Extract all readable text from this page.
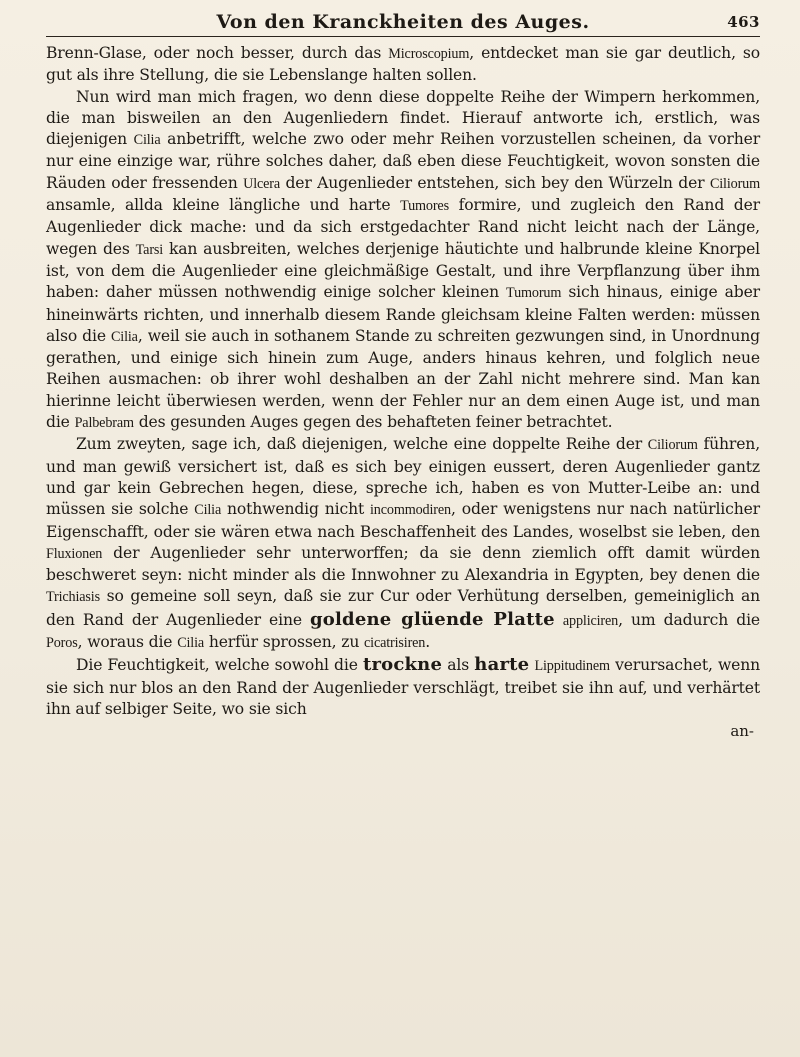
Von den Kranckheiten des Auges.	463

Brenn-Glase, oder noch besser, durch das Microscopium, entdecket man sie gar deutlich, so gut als ihre Stellung, die sie Lebenslange halten sollen.

Nun wird man mich fragen, wo denn diese doppelte Reihe der Wimpern herkommen, die man bisweilen an den Augenliedern findet. Hierauf antworte ich, erstlich, was diejenigen Cilia anbetrifft, welche zwo oder mehr Reihen vorzustellen scheinen, da vorher nur eine einzige war, rühre solches daher, daß eben diese Feuchtigkeit, wovon sonsten die Räuden oder fressenden Ulcera der Augenlieder entstehen, sich bey den Würzeln der Ciliorum ansamle, allda kleine längliche und harte Tumores formire, und zugleich den Rand der Augenlieder dick mache: und da sich erstgedachter Rand nicht leicht nach der Länge, wegen des Tarsi kan ausbreiten, welches derjenige häutichte und halbrunde kleine Knorpel ist, von dem die Augenlieder eine gleichmäßige Gestalt, und ihre Verpflanzung über ihm haben: daher müssen nothwendig einige solcher kleinen Tumorum sich hinaus, einige aber hineinwärts richten, und innerhalb diesem Rande gleichsam kleine Falten werden: müssen also die Cilia, weil sie auch in sothanem Stande zu schreiten gezwungen sind, in Unordnung gerathen, und einige sich hinein zum Auge, anders hinaus kehren, und folglich neue Reihen ausmachen: ob ihrer wohl deshalben an der Zahl nicht mehrere sind. Man kan hierinne leicht überwiesen werden, wenn der Fehler nur an dem einen Auge ist, und man die Palbebram des gesunden Auges gegen des behafteten feiner betrachtet.

Zum zweyten, sage ich, daß diejenigen, welche eine doppelte Reihe der Ciliorum führen, und man gewiß versichert ist, daß es sich bey einigen eussert, deren Augenlieder gantz und gar kein Gebrechen hegen, diese, spreche ich, haben es von Mutter-Leibe an: und müssen sie solche Cilia nothwendig nicht incommodiren, oder wenigstens nur nach natürlicher Eigenschafft, oder sie wären etwa nach Beschaffenheit des Landes, woselbst sie leben, den Fluxionen der Augenlieder sehr unterworffen; da sie denn ziemlich offt damit würden beschweret seyn: nicht minder als die Innwohner zu Alexandria in Egypten, bey denen die Trichiasis so gemeine soll seyn, daß sie zur Cur oder Verhütung derselben, gemeiniglich an den Rand der Augenlieder eine goldene glüende Platte appliciren, um dadurch die Poros, woraus die Cilia herfür sprossen, zu cicatrisiren.

Die Feuchtigkeit, welche sowohl die trockne als harte Lippitudinem verursachet, wenn sie sich nur blos an den Rand der Augenlieder verschlägt, treibet sie ihn auf, und verhärtet ihn auf selbiger Seite, wo sie sich

an-
